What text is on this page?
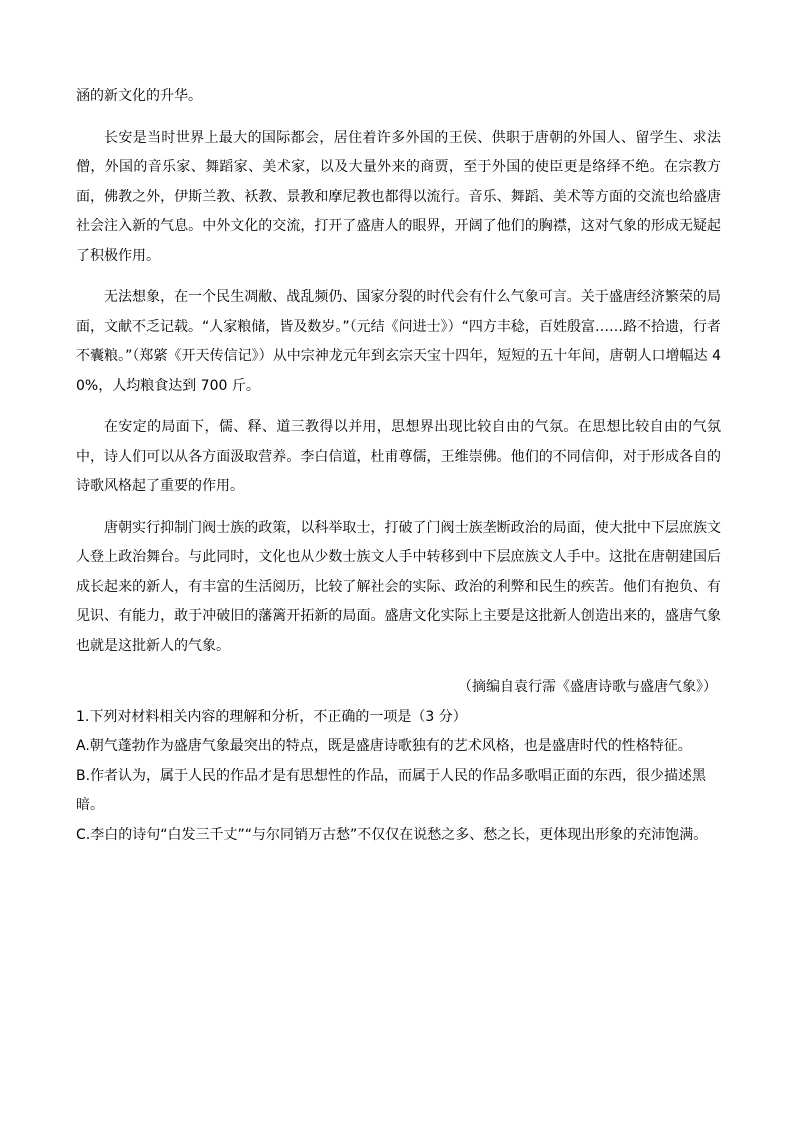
涵的新文化的升华。

长安是当时世界上最大的国际都会，居住着许多外国的王侯、供职于唐朝的外国人、留学生、求法僧，外国的音乐家、舞蹈家、美术家，以及大量外来的商贾，至于外国的使臣更是络绎不绝。在宗教方面，佛教之外，伊斯兰教、袄教、景教和摩尼教也都得以流行。音乐、舞蹈、美术等方面的交流也给盛唐社会注入新的气息。中外文化的交流，打开了盛唐人的眼界，开阔了他们的胸襟，这对气象的形成无疑起了积极作用。

无法想象，在一个民生凋敝、战乱频仍、国家分裂的时代会有什么气象可言。关于盛唐经济繁荣的局面，文献不乏记载。“人家粮储，皆及数岁。”（元结《问进士》）“四方丰稔，百姓殷富……路不拾遗，行者不囊粮。”（郑綮《开天传信记》）从中宗神龙元年到玄宗天宝十四年，短短的五十年间，唐朝人口增幅达 40%，人均粮食达到 700 斤。

在安定的局面下，儒、释、道三教得以并用，思想界出现比较自由的气氛。在思想比较自由的气氛中，诗人们可以从各方面汲取营养。李白信道，杜甫尊儒，王维崇佛。他们的不同信仰，对于形成各自的诗歌风格起了重要的作用。

唐朝实行抑制门阀士族的政策，以科举取士，打破了门阀士族垄断政治的局面，使大批中下层庶族文人登上政治舞台。与此同时，文化也从少数士族文人手中转移到中下层庶族文人手中。这批在唐朝建国后成长起来的新人，有丰富的生活阅历，比较了解社会的实际、政治的利弊和民生的疾苦。他们有抱负、有见识、有能力，敢于冲破旧的藩篱开拓新的局面。盛唐文化实际上主要是这批新人创造出来的，盛唐气象也就是这批新人的气象。

（摘编自袁行霈《盛唐诗歌与盛唐气象》）

1.下列对材料相关内容的理解和分析，不正确的一项是（3 分）

A.朝气蓬勃作为盛唐气象最突出的特点，既是盛唐诗歌独有的艺术风格，也是盛唐时代的性格特征。

B.作者认为，属于人民的作品才是有思想性的作品，而属于人民的作品多歌唱正面的东西，很少描述黑暗。

C.李白的诗句“白发三千丈”“与尔同销万古愁”不仅仅在说愁之多、愁之长，更体现出形象的充沛饱满。
